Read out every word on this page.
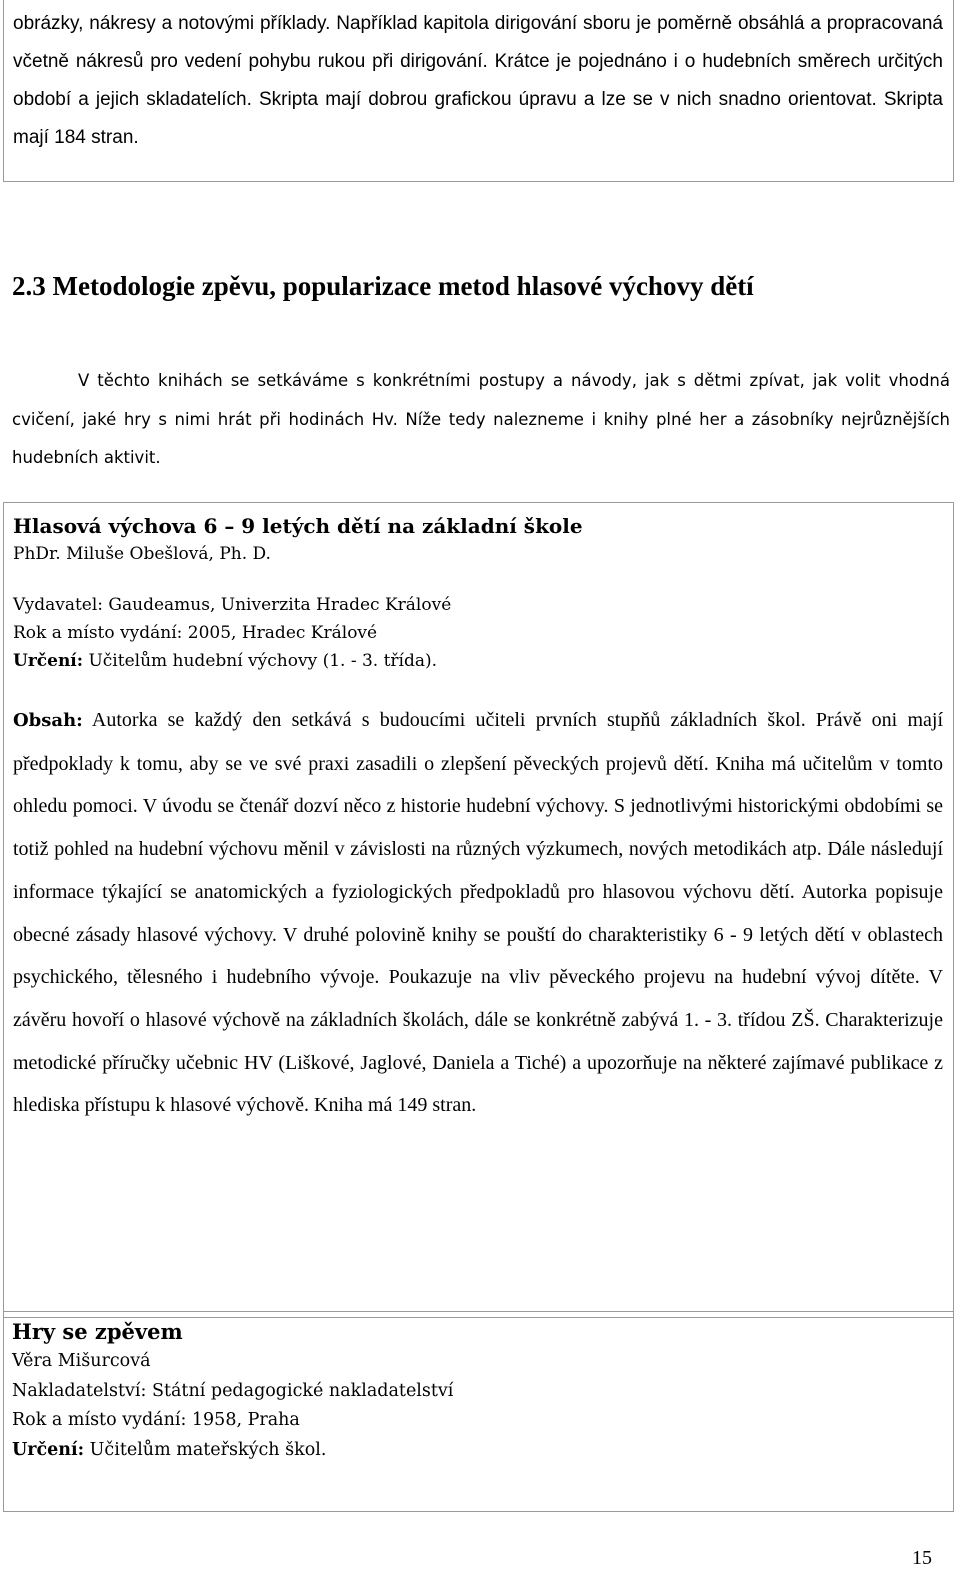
obrázky, nákresy a notovými příklady. Například kapitola dirigování sboru je poměrně obsáhlá a propracovaná včetně nákresů pro vedení pohybu rukou při dirigování. Krátce je pojednáno i o hudebních směrech určitých období a jejich skladatelích. Skripta mají dobrou grafickou úpravu a lze se v nich snadno orientovat. Skripta mají 184 stran.

2.3 Metodologie zpěvu, popularizace metod hlasové výchovy dětí

V těchto knihách se setkáváme s konkrétními postupy a návody, jak s dětmi zpívat, jak volit vhodná cvičení, jaké hry s nimi hrát při hodinách Hv. Níže tedy nalezneme i knihy plné her a zásobníky nejrůznějších hudebních aktivit.

Hlasová výchova 6 – 9 letých dětí na základní škole

PhDr. Miluše Obešlová, Ph. D.

Vydavatel: Gaudeamus, Univerzita Hradec Králové

Rok a místo vydání: 2005, Hradec Králové

Určení: Učitelům hudební výchovy (1. - 3. třída).

Obsah: Autorka se každý den setkává s budoucími učiteli prvních stupňů základních škol. Právě oni mají předpoklady k tomu, aby se ve své praxi zasadili o zlepšení pěveckých projevů dětí. Kniha má učitelům v tomto ohledu pomoci. V úvodu se čtenář dozví něco z historie hudební výchovy. S jednotlivými historickými obdobími se totiž pohled na hudební výchovu měnil v závislosti na různých výzkumech, nových metodikách atp. Dále následují informace týkající se anatomických a fyziologických předpokladů pro hlasovou výchovu dětí. Autorka popisuje obecné zásady hlasové výchovy. V druhé polovině knihy se pouští do charakteristiky 6 - 9 letých dětí v oblastech psychického, tělesného i hudebního vývoje. Poukazuje na vliv pěveckého projevu na hudební vývoj dítěte. V závěru hovoří o hlasové výchově na základních školách, dále se konkrétně zabývá 1. - 3. třídou ZŠ. Charakterizuje metodické příručky učebnic HV (Liškové, Jaglové, Daniela a Tiché) a upozorňuje na některé zajímavé publikace z hlediska přístupu k hlasové výchově. Kniha má 149 stran.

Hry se zpěvem

Věra Mišurcová

Nakladatelství: Státní pedagogické nakladatelství

Rok a místo vydání: 1958, Praha

Určení: Učitelům mateřských škol.

15
